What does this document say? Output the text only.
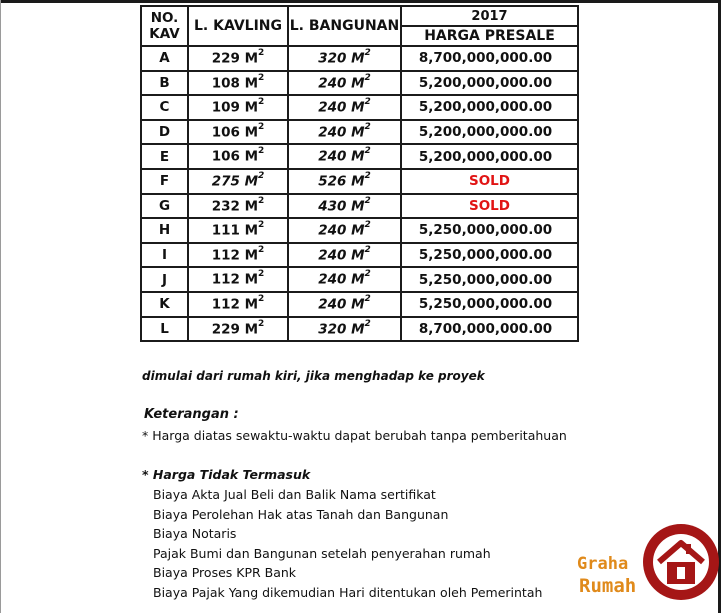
NO.
KAV	L. KAVLING	L. BANGUNAN	2017
			HARGA PRESALE
A	229 $M^2$	320 $M^2$	8,700,000,000.00
B	108 $M^2$	240 $M^2$	5,200,000,000.00
C	109 $M^2$	240 $M^2$	5,200,000,000.00
D	106 $M^2$	240 $M^2$	5,200,000,000.00
E	106 $M^2$	240 $M^2$	5,200,000,000.00
F	275 $M^2$	526 $M^2$	SOLD
G	232 $M^2$	430 $M^2$	SOLD
H	111 $M^2$	240 $M^2$	5,250,000,000.00
I	112 $M^2$	240 $M^2$	5,250,000,000.00
J	112 $M^2$	240 $M^2$	5,250,000,000.00
K	112 $M^2$	240 $M^2$	5,250,000,000.00
L	229 $M^2$	320 $M^2$	8,700,000,000.00
dimulai dari rumah kiri, jika menghadap ke proyek
Keterangan :
* Harga diatas sewaktu-waktu dapat berubah tanpa pemberitahuan
* Harga Tidak Termasuk
Biaya Akta Jual Beli dan Balik Nama sertifikat
Biaya Perolehan Hak atas Tanah dan Bangunan
Biaya Notaris
Pajak Bumi dan Bangunan setelah penyerahan rumah
Biaya Proses KPR Bank
Biaya Pajak Yang dikemudian Hari ditentukan oleh Pemerintah
Graha
Rumah
